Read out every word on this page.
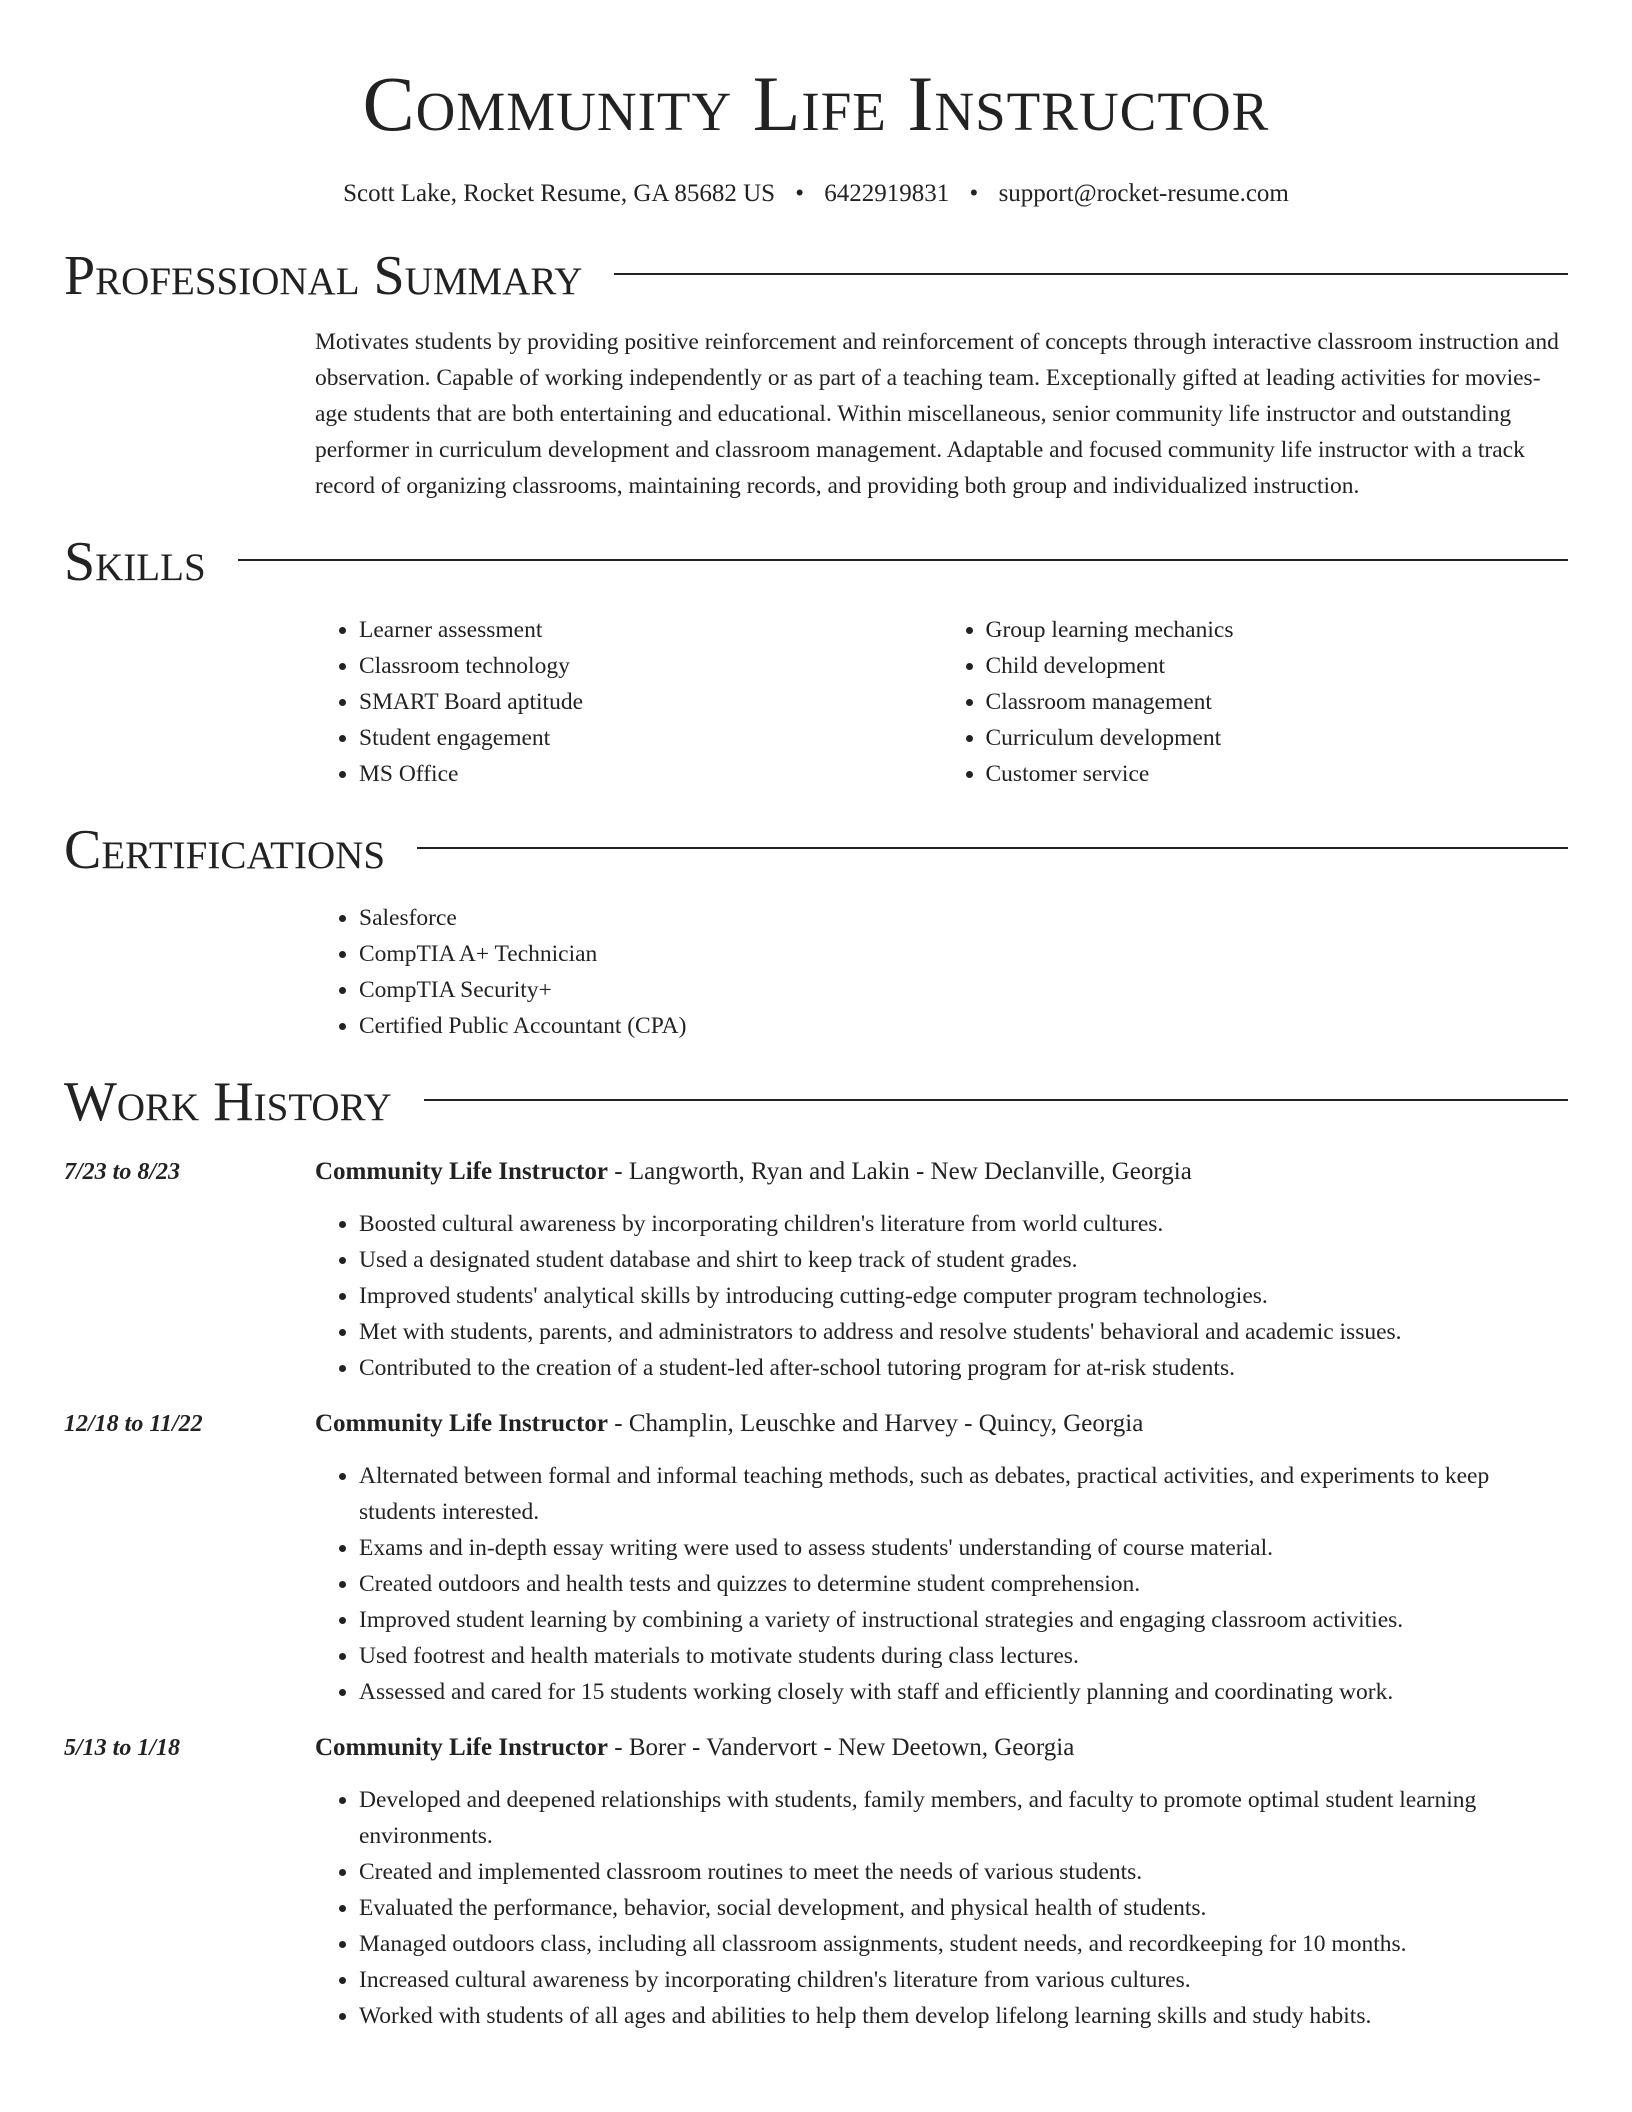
Community Life Instructor
Scott Lake, Rocket Resume, GA 85682 US • 6422919831 • support@rocket-resume.com
Professional Summary
Motivates students by providing positive reinforcement and reinforcement of concepts through interactive classroom instruction and observation. Capable of working independently or as part of a teaching team. Exceptionally gifted at leading activities for movies-age students that are both entertaining and educational. Within miscellaneous, senior community life instructor and outstanding performer in curriculum development and classroom management. Adaptable and focused community life instructor with a track record of organizing classrooms, maintaining records, and providing both group and individualized instruction.
Skills
• Learner assessment
• Classroom technology
• SMART Board aptitude
• Student engagement
• MS Office
• Group learning mechanics
• Child development
• Classroom management
• Curriculum development
• Customer service
Certifications
• Salesforce
• CompTIA A+ Technician
• CompTIA Security+
• Certified Public Accountant (CPA)
Work History
7/23 to 8/23	Community Life Instructor - Langworth, Ryan and Lakin - New Declanville, Georgia
• Boosted cultural awareness by incorporating children's literature from world cultures.
• Used a designated student database and shirt to keep track of student grades.
• Improved students' analytical skills by introducing cutting-edge computer program technologies.
• Met with students, parents, and administrators to address and resolve students' behavioral and academic issues.
• Contributed to the creation of a student-led after-school tutoring program for at-risk students.
12/18 to 11/22	Community Life Instructor - Champlin, Leuschke and Harvey - Quincy, Georgia
• Alternated between formal and informal teaching methods, such as debates, practical activities, and experiments to keep students interested.
• Exams and in-depth essay writing were used to assess students' understanding of course material.
• Created outdoors and health tests and quizzes to determine student comprehension.
• Improved student learning by combining a variety of instructional strategies and engaging classroom activities.
• Used footrest and health materials to motivate students during class lectures.
• Assessed and cared for 15 students working closely with staff and efficiently planning and coordinating work.
5/13 to 1/18	Community Life Instructor - Borer - Vandervort - New Deetown, Georgia
• Developed and deepened relationships with students, family members, and faculty to promote optimal student learning environments.
• Created and implemented classroom routines to meet the needs of various students.
• Evaluated the performance, behavior, social development, and physical health of students.
• Managed outdoors class, including all classroom assignments, student needs, and recordkeeping for 10 months.
• Increased cultural awareness by incorporating children's literature from various cultures.
• Worked with students of all ages and abilities to help them develop lifelong learning skills and study habits.
